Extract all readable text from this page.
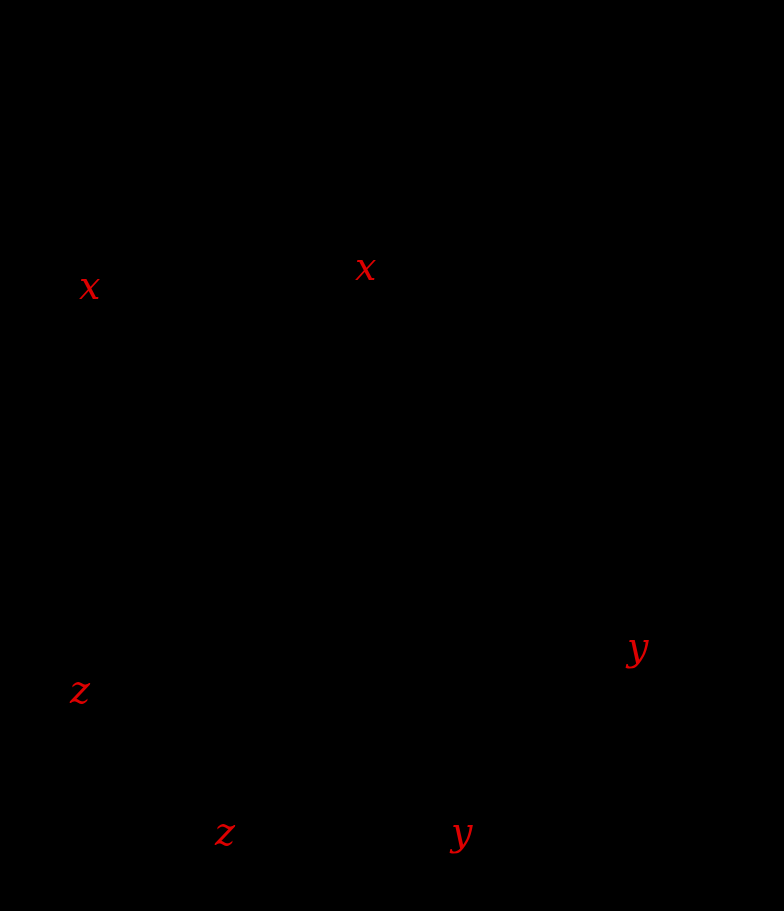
x	x
y
z
z	y
